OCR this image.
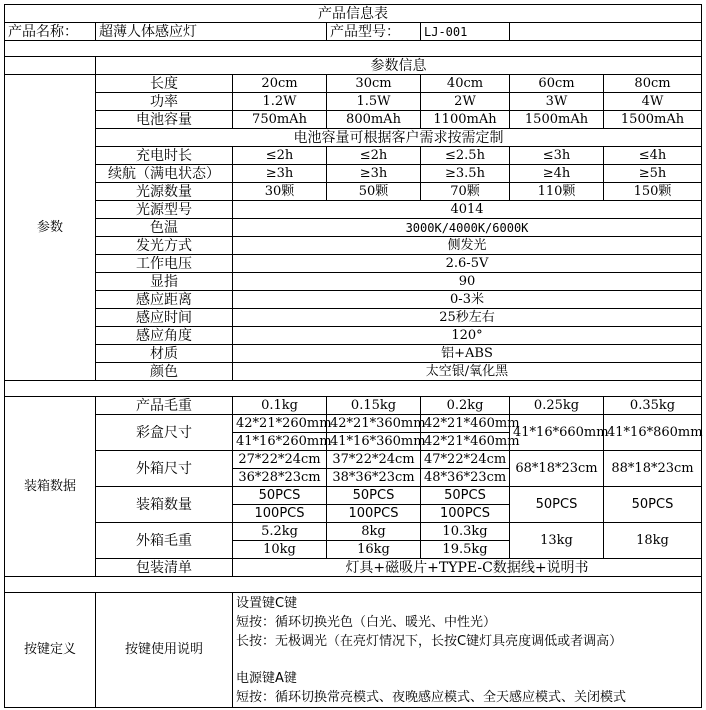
产品信息表						
产品名称：	超薄人体感应灯		产品型号：	LJ-001		

	参数信息					
参数	长度	20cm	30cm	40cm	60cm	80cm
	功率	1.2W	1.5W	2W	3W	4W
	电池容量	750mAh	800mAh	1100mAh	1500mAh	1500mAh
	电池容量可根据客户需求按需定制					
	充电时长	≤2h	≤2h	≤2.5h	≤3h	≤4h
	续航（满电状态）	≥3h	≥3h	≥3.5h	≥4h	≥5h
	光源数量	30颗	50颗	70颗	110颗	150颗
	光源型号	4014				
	色温	3000K/4000K/6000K				
	发光方式	侧发光				
	工作电压	2.6-5V				
	显指	90				
	感应距离	0-3米				
	感应时间	25秒左右				
	感应角度	120°				
	材质	铝+ABS				
	颜色	太空银/氧化黑				

装箱数据	产品毛重	0.1kg	0.15kg	0.2kg	0.25kg	0.35kg
	彩盒尺寸	42*21*260mm	42*21*360mm	42*21*460mm	41*16*660mm	41*16*860mm
		41*16*260mm	41*16*360mm	42*21*460mm		
	外箱尺寸	27*22*24cm	37*22*24cm	47*22*24cm	68*18*23cm	88*18*23cm
		36*28*23cm	38*36*23cm	48*36*23cm		
	装箱数量	50PCS	50PCS	50PCS	50PCS	50PCS
		100PCS	100PCS	100PCS		
	外箱毛重	5.2kg	8kg	10.3kg	13kg	18kg
		10kg	16kg	19.5kg		
	包装清单	灯具+磁吸片+TYPE-C数据线+说明书				

按键定义	按键使用说明	设置键C键
短按：循环切换光色（白光、暖光、中性光）
长按：无极调光（在亮灯情况下，长按C键灯具亮度调低或者调高）
电源键A键
短按：循环切换常亮模式、夜晚感应模式、全天感应模式、关闭模式				
